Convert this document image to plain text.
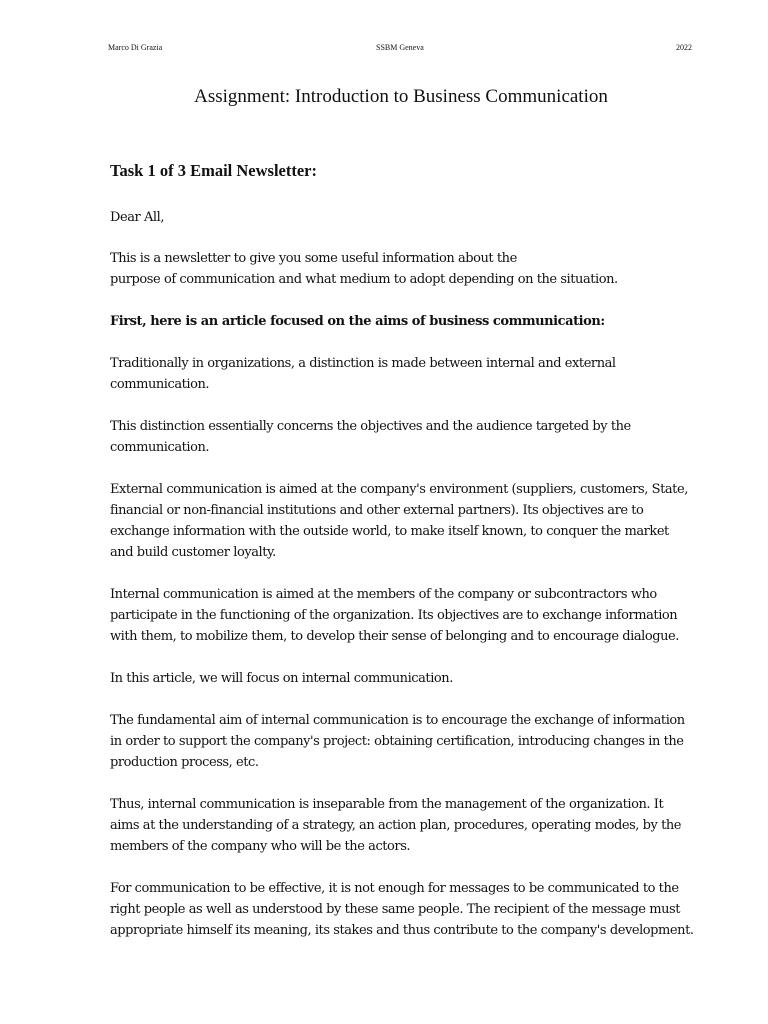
Marco Di Grazia	SSBM Geneva	2022
Assignment: Introduction to Business Communication
Task 1 of 3 Email Newsletter:

Dear All,

This is a newsletter to give you some useful information about the
purpose of communication and what medium to adopt depending on the situation.

First, here is an article focused on the aims of business communication:

Traditionally in organizations, a distinction is made between internal and external
communication.

This distinction essentially concerns the objectives and the audience targeted by the
communication.

External communication is aimed at the company's environment (suppliers, customers, State,
financial or non-financial institutions and other external partners). Its objectives are to
exchange information with the outside world, to make itself known, to conquer the market
and build customer loyalty.

Internal communication is aimed at the members of the company or subcontractors who
participate in the functioning of the organization. Its objectives are to exchange information
with them, to mobilize them, to develop their sense of belonging and to encourage dialogue.

In this article, we will focus on internal communication.

The fundamental aim of internal communication is to encourage the exchange of information
in order to support the company's project: obtaining certification, introducing changes in the
production process, etc.

Thus, internal communication is inseparable from the management of the organization. It
aims at the understanding of a strategy, an action plan, procedures, operating modes, by the
members of the company who will be the actors.

For communication to be effective, it is not enough for messages to be communicated to the
right people as well as understood by these same people. The recipient of the message must
appropriate himself its meaning, its stakes and thus contribute to the company's development.
